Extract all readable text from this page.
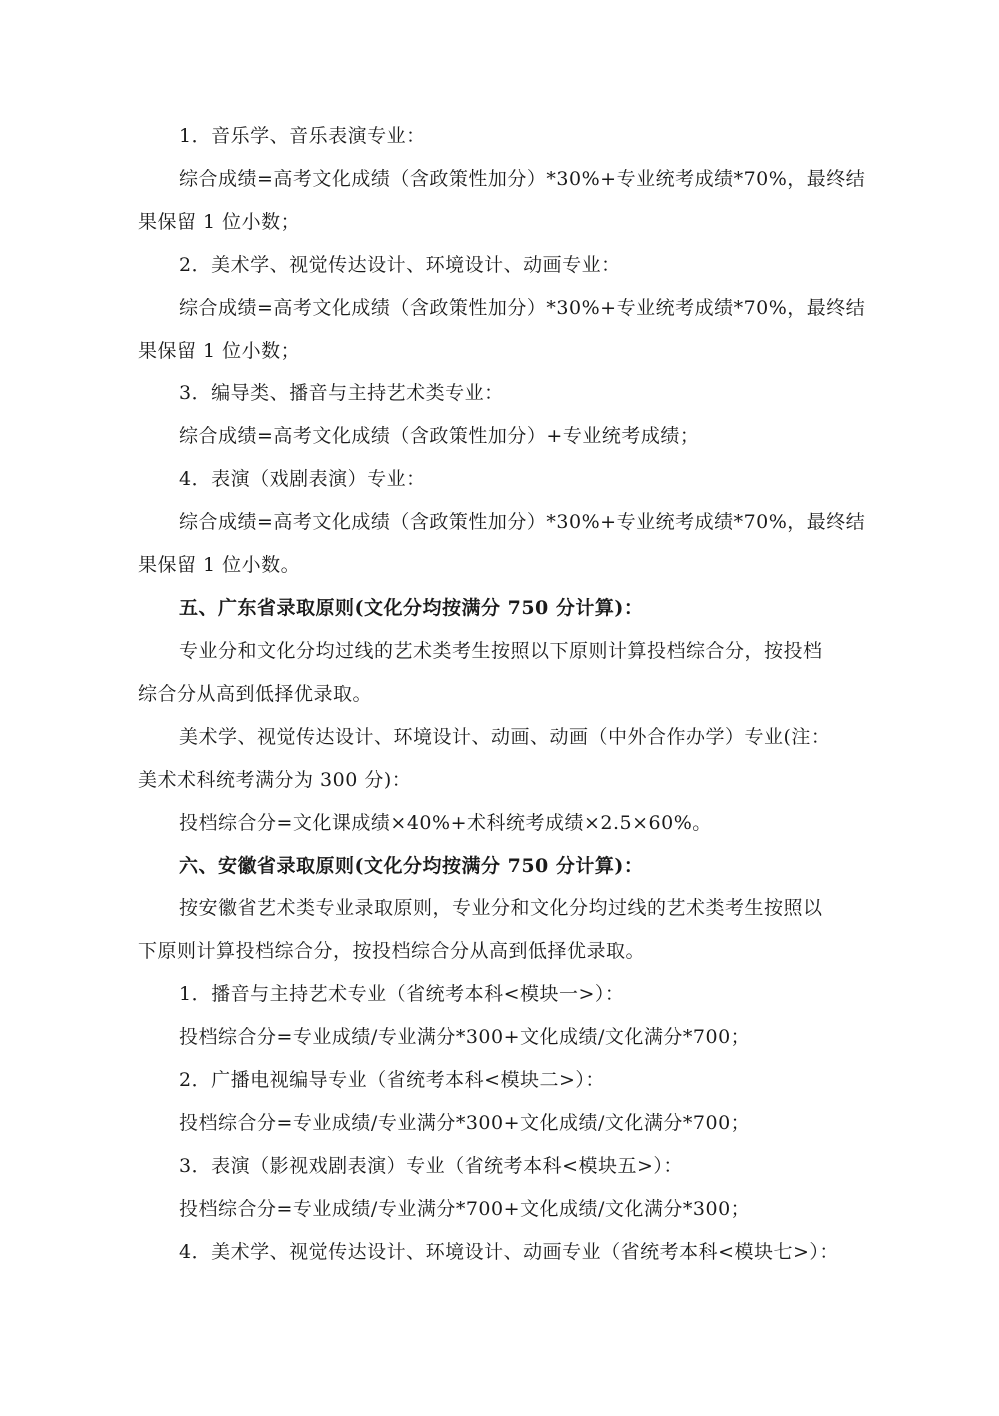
1．音乐学、音乐表演专业：
综合成绩=高考文化成绩（含政策性加分）*30%+专业统考成绩*70%，最终结
果保留 1 位小数；
2．美术学、视觉传达设计、环境设计、动画专业：
综合成绩=高考文化成绩（含政策性加分）*30%+专业统考成绩*70%，最终结
果保留 1 位小数；
3．编导类、播音与主持艺术类专业：
综合成绩=高考文化成绩（含政策性加分）+专业统考成绩；
4．表演（戏剧表演）专业：
综合成绩=高考文化成绩（含政策性加分）*30%+专业统考成绩*70%，最终结
果保留 1 位小数。
五、广东省录取原则(文化分均按满分 750 分计算)：
专业分和文化分均过线的艺术类考生按照以下原则计算投档综合分，按投档
综合分从高到低择优录取。
美术学、视觉传达设计、环境设计、动画、动画（中外合作办学）专业(注：
美术术科统考满分为 300 分)：
投档综合分=文化课成绩×40%+术科统考成绩×2.5×60%。
六、安徽省录取原则(文化分均按满分 750 分计算)：
按安徽省艺术类专业录取原则，专业分和文化分均过线的艺术类考生按照以
下原则计算投档综合分，按投档综合分从高到低择优录取。
1．播音与主持艺术专业（省统考本科<模块一>）：
投档综合分=专业成绩/专业满分*300+文化成绩/文化满分*700；
2．广播电视编导专业（省统考本科<模块二>）：
投档综合分=专业成绩/专业满分*300+文化成绩/文化满分*700；
3．表演（影视戏剧表演）专业（省统考本科<模块五>）：
投档综合分=专业成绩/专业满分*700+文化成绩/文化满分*300；
4．美术学、视觉传达设计、环境设计、动画专业（省统考本科<模块七>）：
